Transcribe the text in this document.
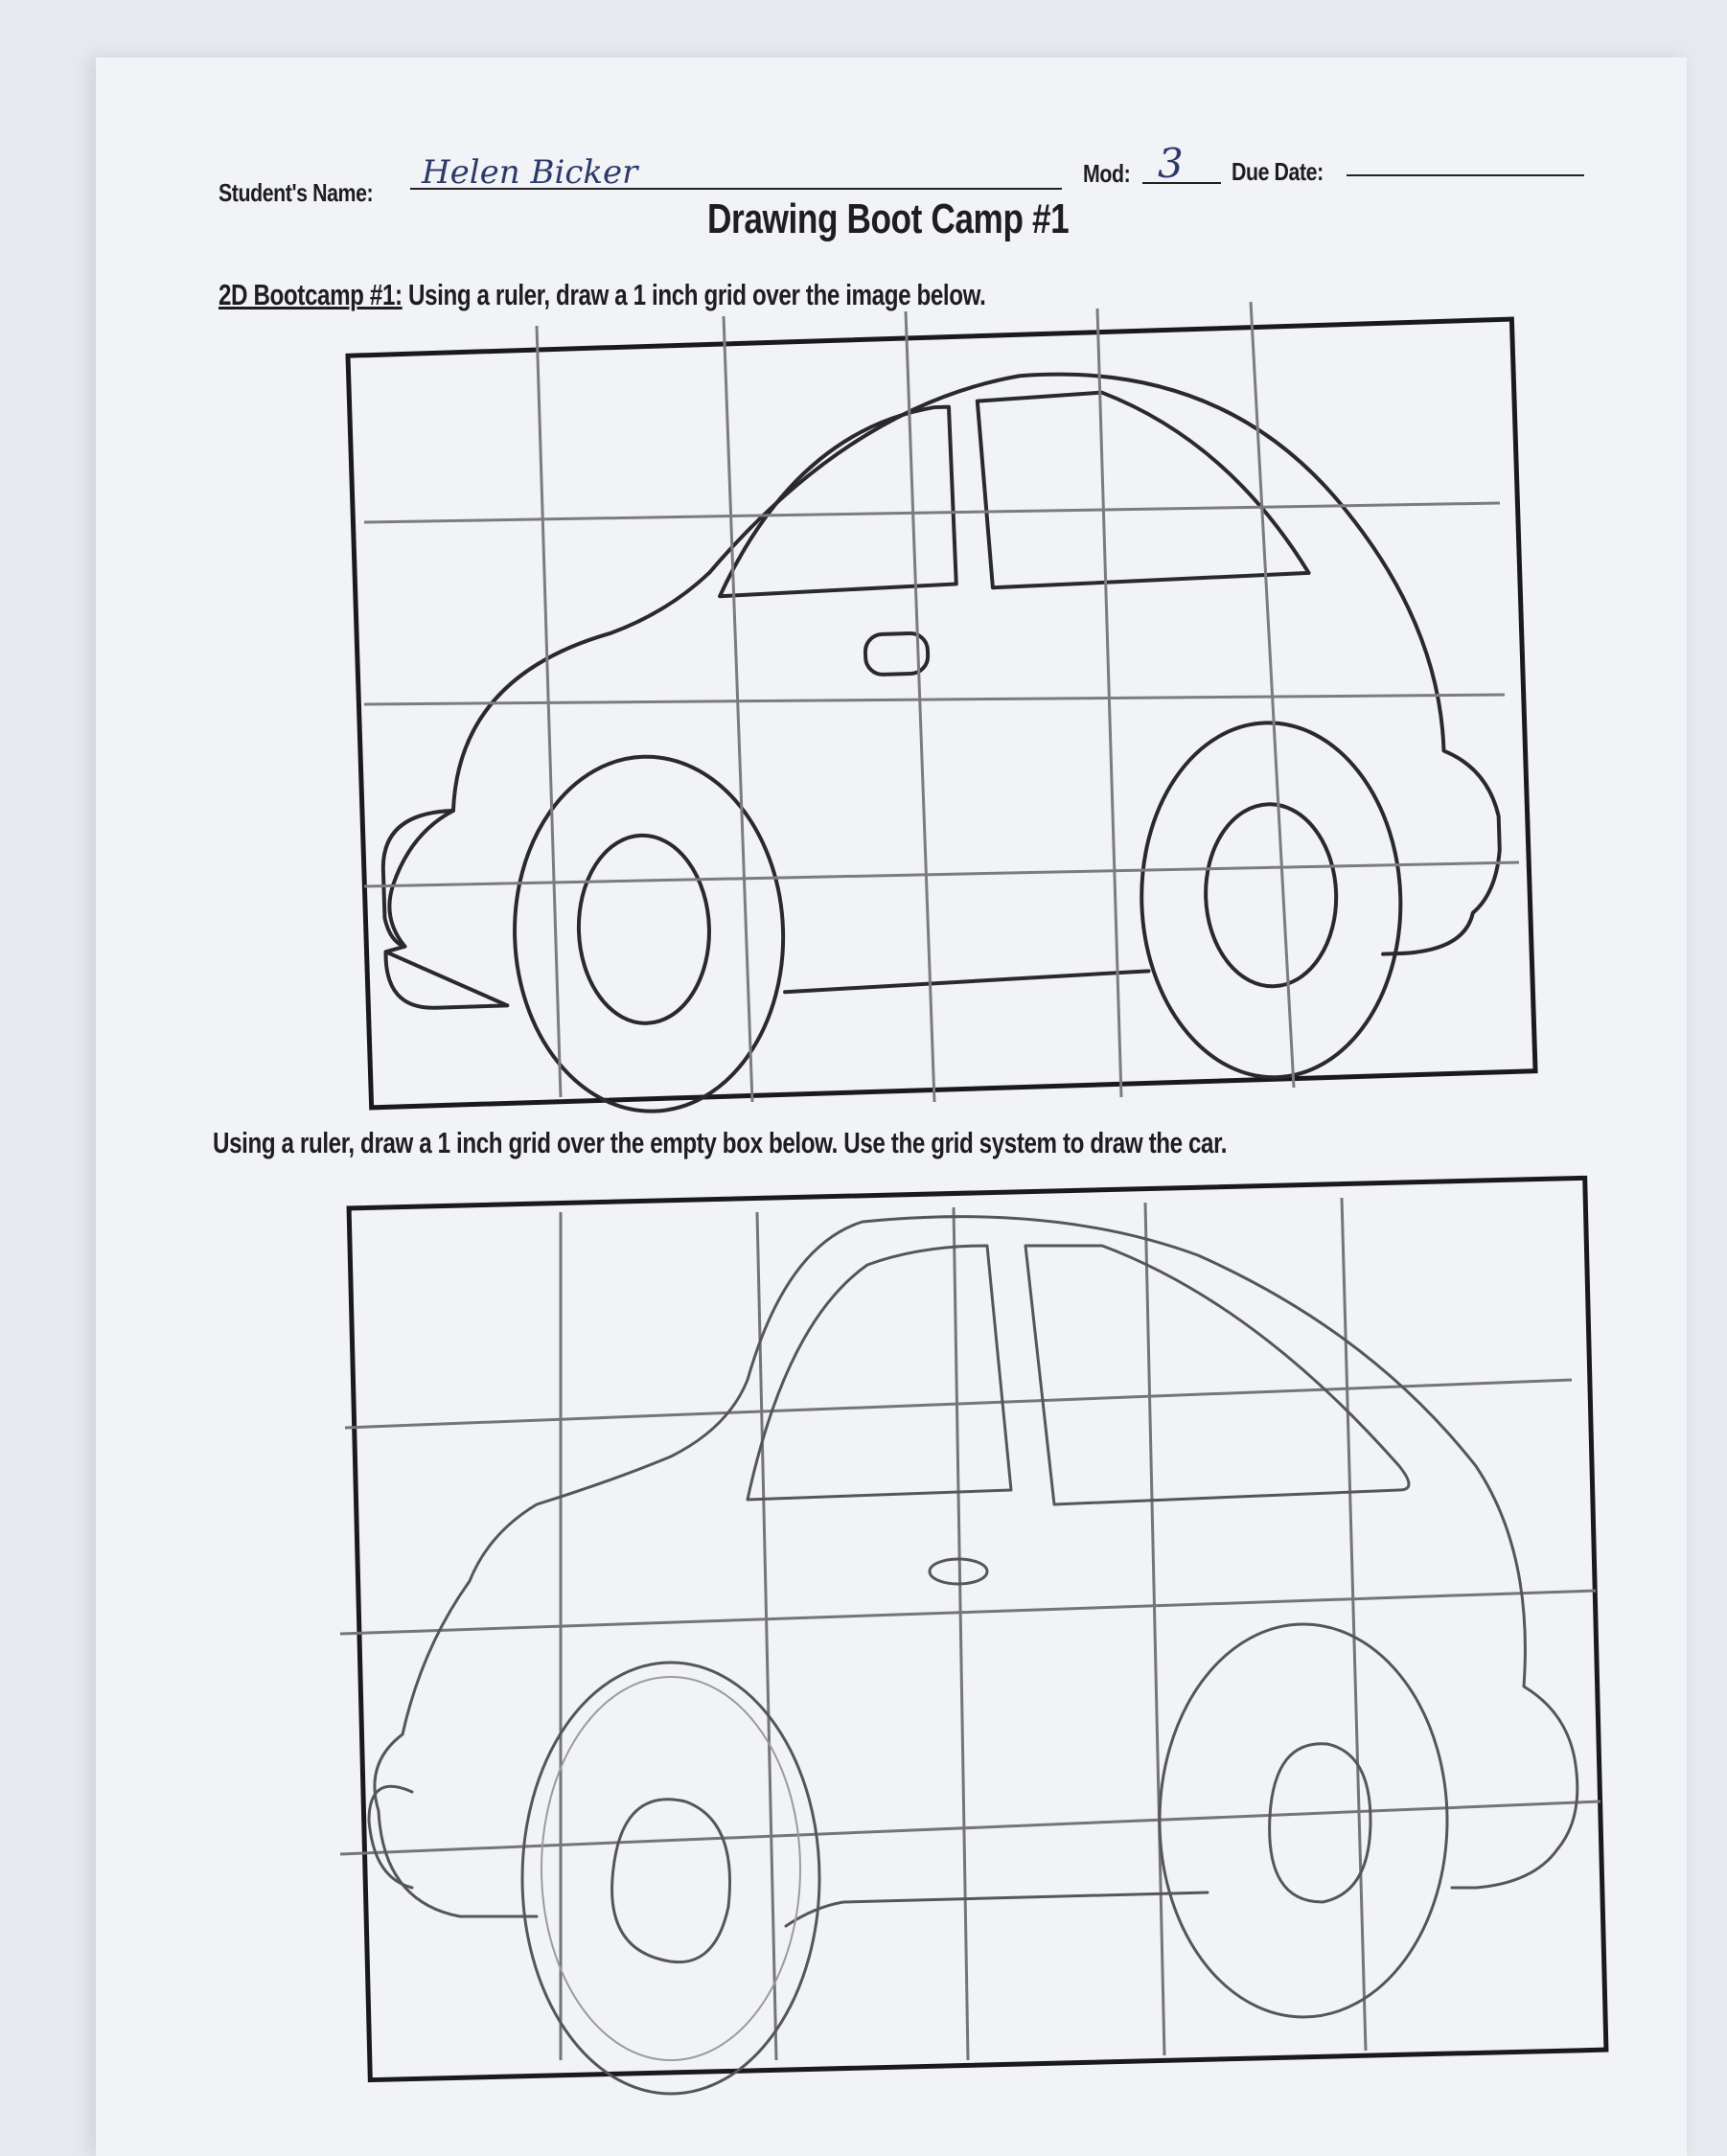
Student's Name:
Helen Bicker	Mod: 3 Due Date:
Drawing Boot Camp #1
2D Bootcamp #1: Using a ruler, draw a 1 inch grid over the image below.
Using a ruler, draw a 1 inch grid over the empty box below. Use the grid system to draw the car.
